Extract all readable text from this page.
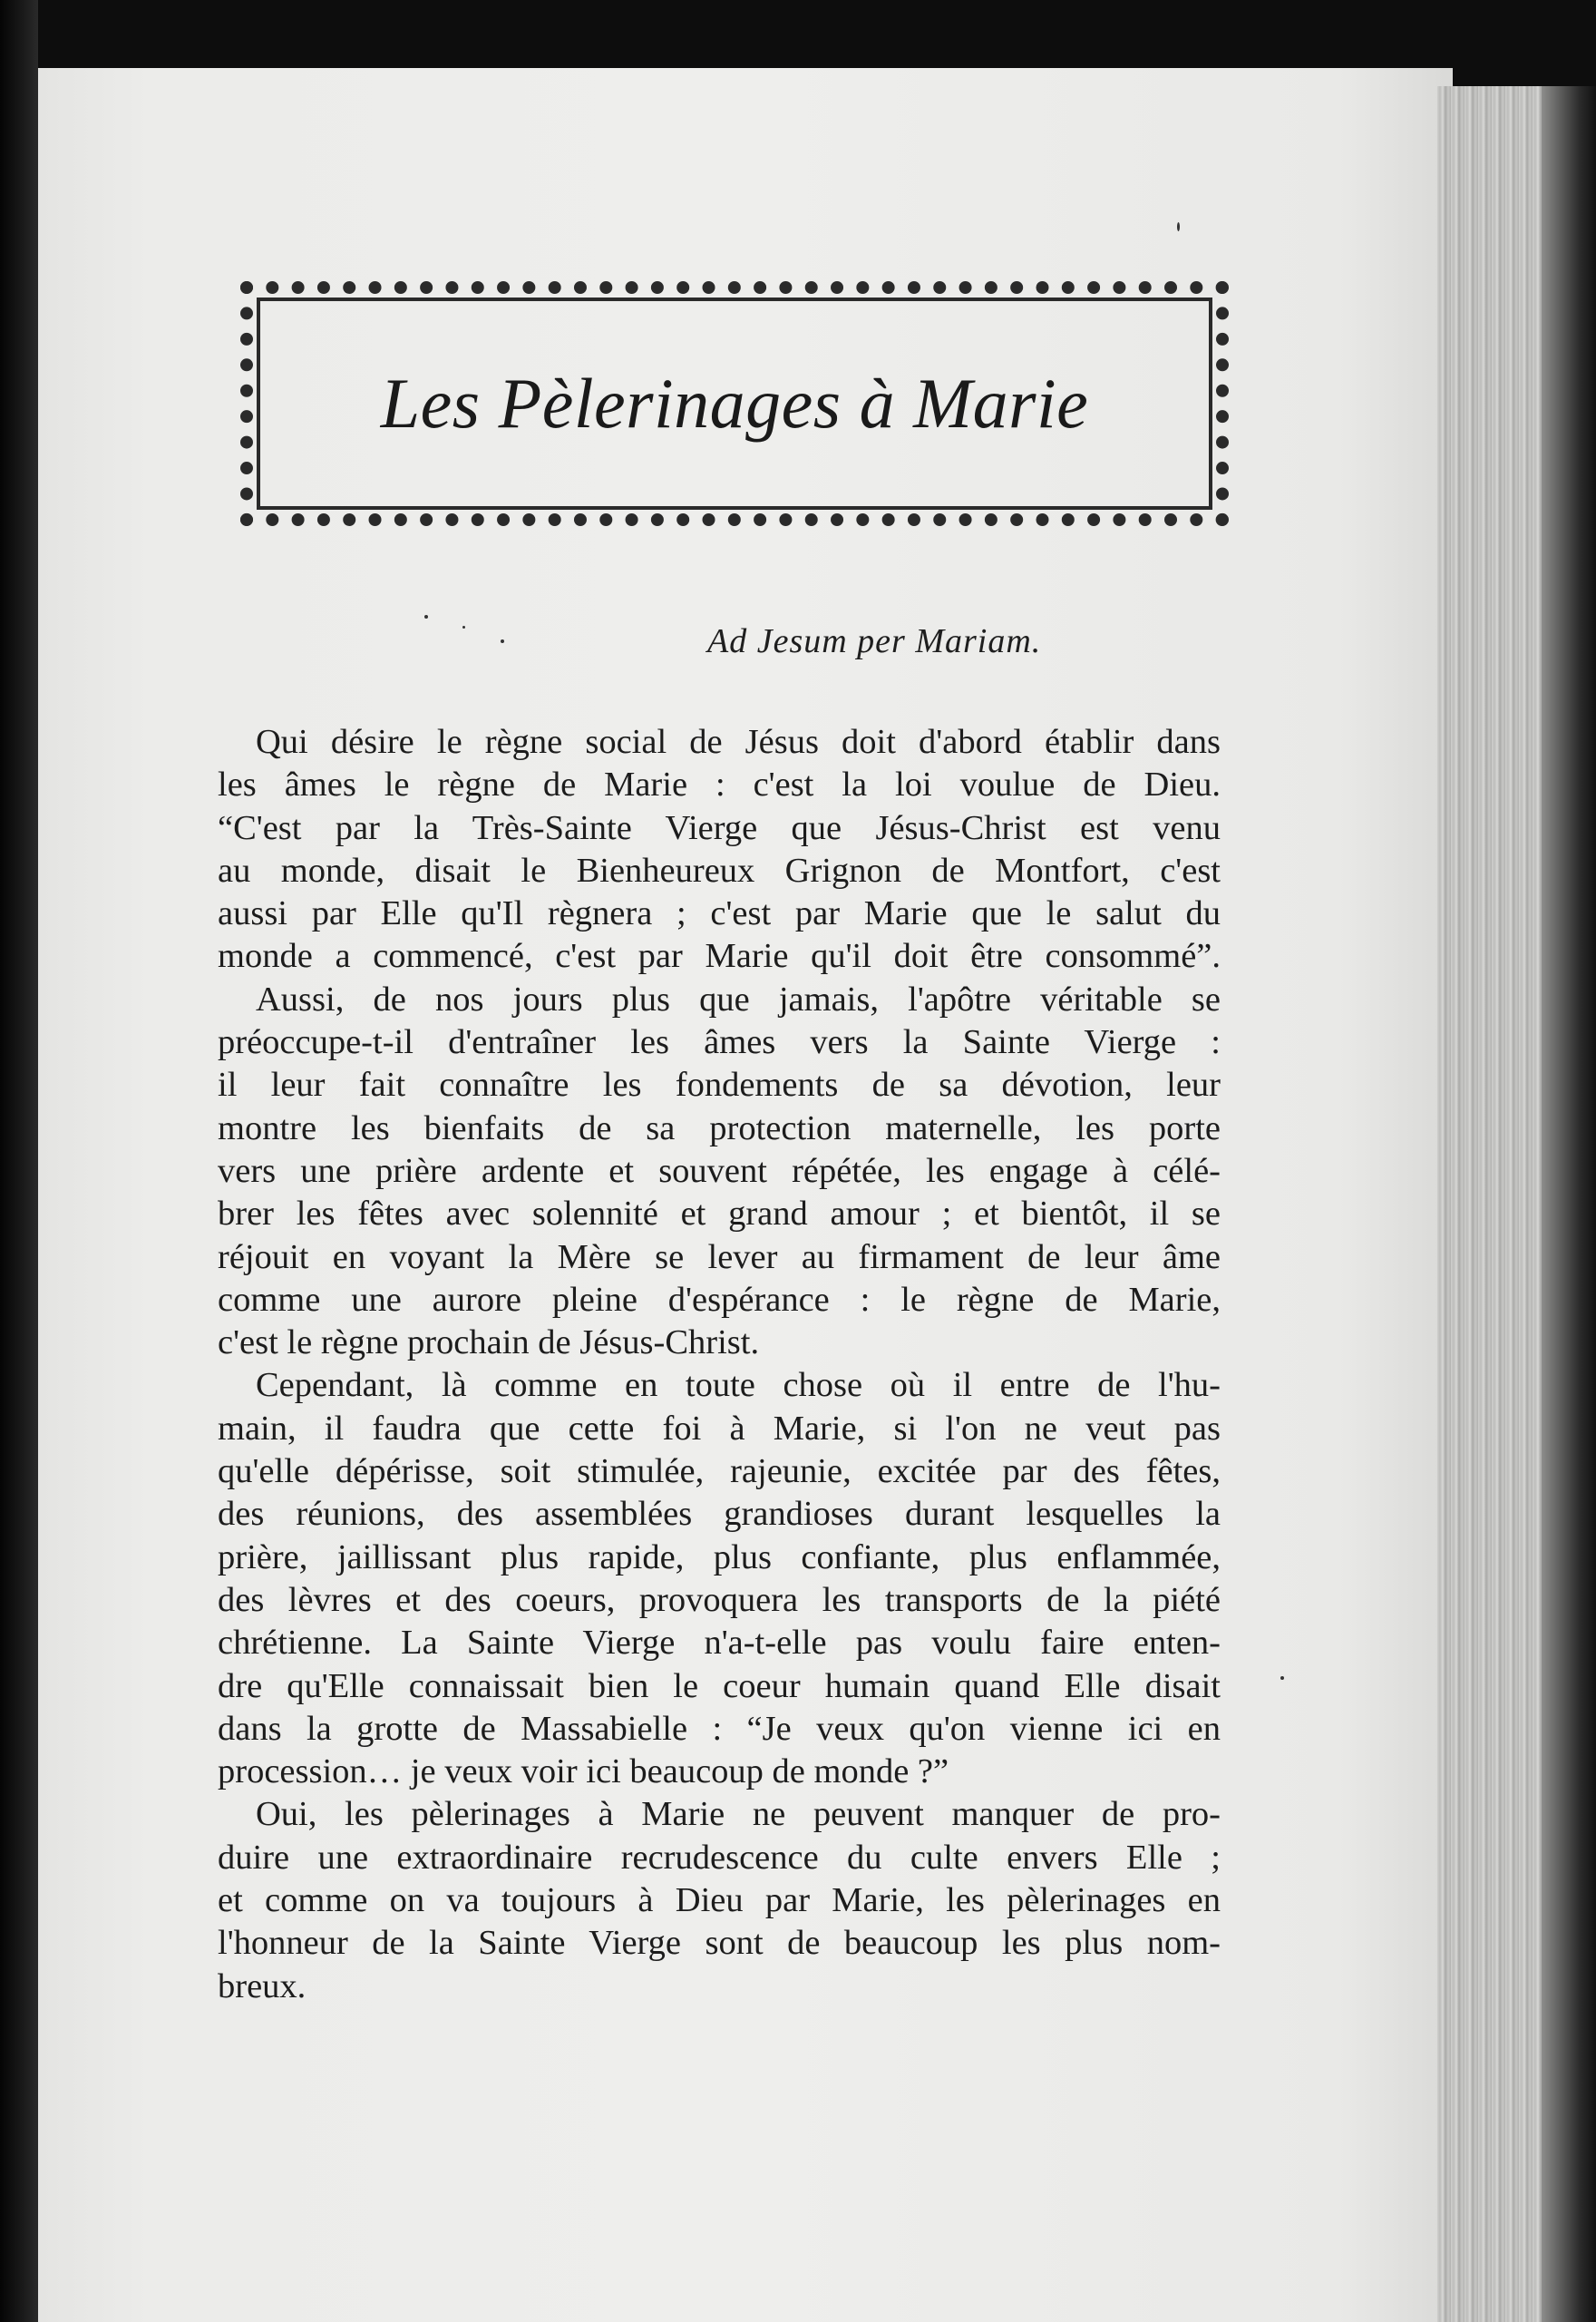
Les Pèlerinages à Marie
Ad Jesum per Mariam.
Qui désire le règne social de Jésus doit d'abord établir dans
les âmes le règne de Marie : c'est la loi voulue de Dieu.
“C'est par la Très-Sainte Vierge que Jésus-Christ est venu
au monde, disait le Bienheureux Grignon de Montfort, c'est
aussi par Elle qu'Il règnera ; c'est par Marie que le salut du
monde a commencé, c'est par Marie qu'il doit être consommé”.
Aussi, de nos jours plus que jamais, l'apôtre véritable se
préoccupe-t-il d'entraîner les âmes vers la Sainte Vierge :
il leur fait connaître les fondements de sa dévotion, leur
montre les bienfaits de sa protection maternelle, les porte
vers une prière ardente et souvent répétée, les engage à célé-
brer les fêtes avec solennité et grand amour ; et bientôt, il se
réjouit en voyant la Mère se lever au firmament de leur âme
comme une aurore pleine d'espérance : le règne de Marie,
c'est le règne prochain de Jésus-Christ.
Cependant, là comme en toute chose où il entre de l'hu-
main, il faudra que cette foi à Marie, si l'on ne veut pas
qu'elle dépérisse, soit stimulée, rajeunie, excitée par des fêtes,
des réunions, des assemblées grandioses durant lesquelles la
prière, jaillissant plus rapide, plus confiante, plus enflammée,
des lèvres et des coeurs, provoquera les transports de la piété
chrétienne. La Sainte Vierge n'a-t-elle pas voulu faire enten-
dre qu'Elle connaissait bien le coeur humain quand Elle disait
dans la grotte de Massabielle : “Je veux qu'on vienne ici en
procession… je veux voir ici beaucoup de monde ?”
Oui, les pèlerinages à Marie ne peuvent manquer de pro-
duire une extraordinaire recrudescence du culte envers Elle ;
et comme on va toujours à Dieu par Marie, les pèlerinages en
l'honneur de la Sainte Vierge sont de beaucoup les plus nom-
breux.
